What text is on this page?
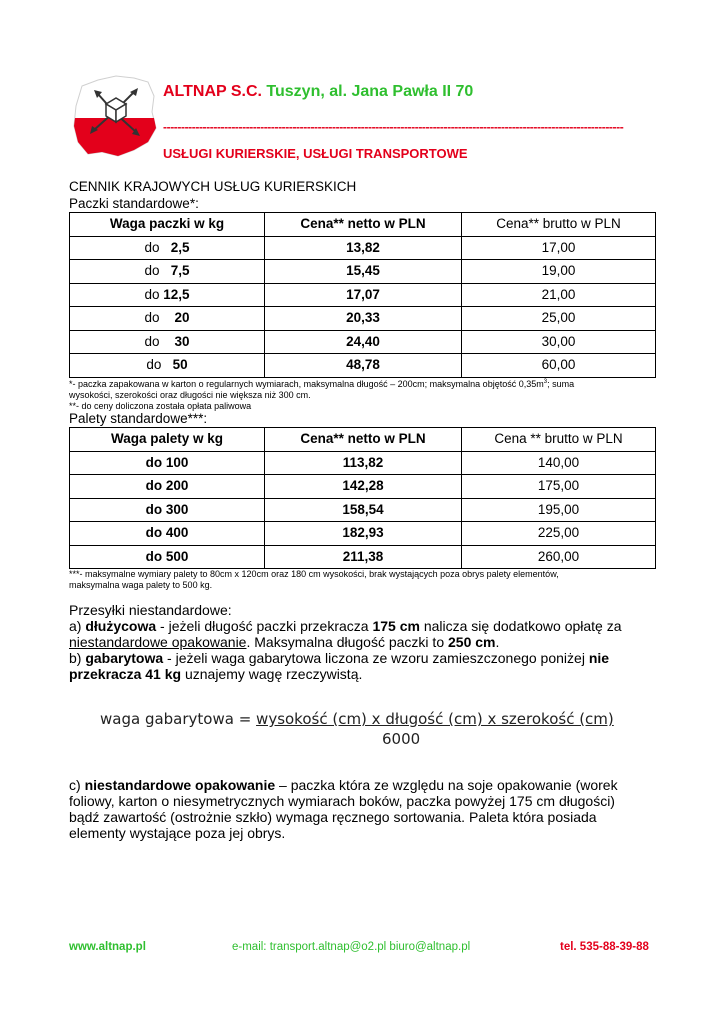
ALTNAP S.C. Tuszyn, al. Jana Pawła II 70
--------------------------------------------------------------------------------------------------------------------------------
USŁUGI KURIERSKIE, USŁUGI TRANSPORTOWE
CENNIK KRAJOWYCH USŁUG KURIERSKICH
Paczki standardowe*:
Waga paczki w kg	Cena** netto w PLN	Cena** brutto w PLN
do 2,5	13,82	17,00
do 7,5	15,45	19,00
do 12,5	17,07	21,00
do 20	20,33	25,00
do 30	24,40	30,00
do 50	48,78	60,00
*- paczka zapakowana w karton o regularnych wymiarach, maksymalna długość – 200cm; maksymalna objętość $0,35m^3$; suma
wysokości, szerokości oraz długości nie większa niż 300 cm.
**- do ceny doliczona została opłata paliwowa
Palety standardowe***:
Waga palety w kg	Cena** netto w PLN	Cena ** brutto w PLN
do 100	113,82	140,00
do 200	142,28	175,00
do 300	158,54	195,00
do 400	182,93	225,00
do 500	211,38	260,00
***- maksymalne wymiary palety to 80cm x 120cm oraz 180 cm wysokości, brak wystających poza obrys palety elementów,
maksymalna waga palety to 500 kg.
Przesyłki niestandardowe:
a) dłużycowa - jeżeli długość paczki przekracza 175 cm nalicza się dodatkowo opłatę za
niestandardowe opakowanie. Maksymalna długość paczki to 250 cm.
b) gabarytowa - jeżeli waga gabarytowa liczona ze wzoru zamieszczonego poniżej nie
przekracza 41 kg uznajemy wagę rzeczywistą.
waga gabarytowa = wysokość (cm) x długość (cm) x szerokość (cm)
6000
c) niestandardowe opakowanie – paczka która ze względu na soje opakowanie (worek
foliowy, karton o niesymetrycznych wymiarach boków, paczka powyżej 175 cm długości)
bądź zawartość (ostrożnie szkło) wymaga ręcznego sortowania. Paleta która posiada
elementy wystające poza jej obrys.
www.altnap.pl	e-mail: transport.altnap@o2.pl biuro@altnap.pl	tel. 535-88-39-88
